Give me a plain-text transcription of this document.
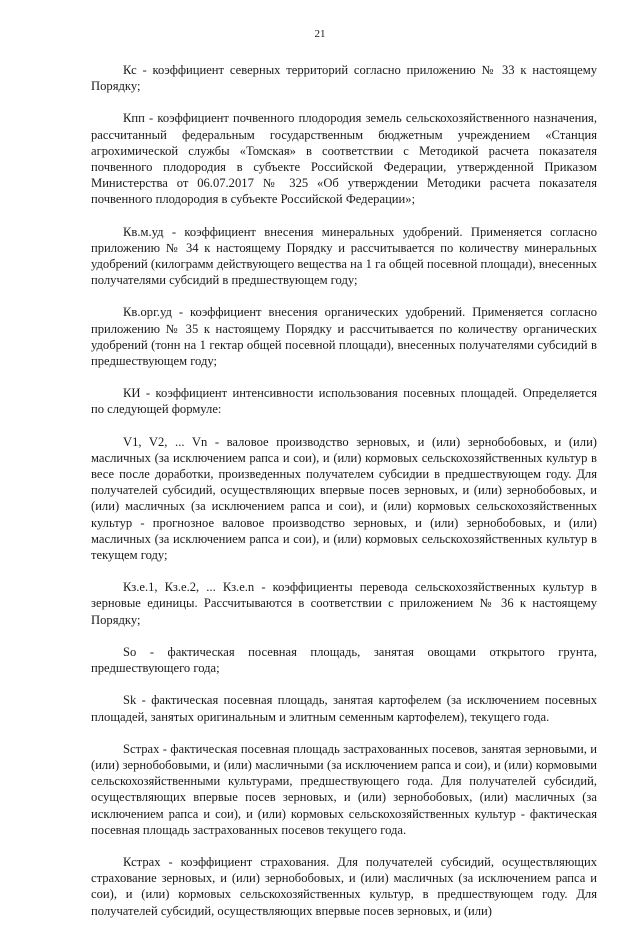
21

Кс - коэффициент северных территорий согласно приложению № 33 к настоящему Порядку;

Кпп - коэффициент почвенного плодородия земель сельскохозяйственного назначения, рассчитанный федеральным государственным бюджетным учреждением «Станция агрохимической службы «Томская» в соответствии с Методикой расчета показателя почвенного плодородия в субъекте Российской Федерации, утвержденной Приказом Министерства от 06.07.2017 № 325 «Об утверждении Методики расчета показателя почвенного плодородия в субъекте Российской Федерации»;

Кв.м.уд - коэффициент внесения минеральных удобрений. Применяется согласно приложению № 34 к настоящему Порядку и рассчитывается по количеству минеральных удобрений (килограмм действующего вещества на 1 га общей посевной площади), внесенных получателями субсидий в предшествующем году;

Кв.орг.уд - коэффициент внесения органических удобрений. Применяется согласно приложению № 35 к настоящему Порядку и рассчитывается по количеству органических удобрений (тонн на 1 гектар общей посевной площади), внесенных получателями субсидий в предшествующем году;

КИ - коэффициент интенсивности использования посевных площадей. Определяется по следующей формуле:

V1, V2, ... Vn - валовое производство зерновых, и (или) зернобобовых, и (или) масличных (за исключением рапса и сои), и (или) кормовых сельскохозяйственных культур в весе после доработки, произведенных получателем субсидии в предшествующем году. Для получателей субсидий, осуществляющих впервые посев зерновых, и (или) зернобобовых, и (или) масличных (за исключением рапса и сои), и (или) кормовых сельскохозяйственных культур - прогнозное валовое производство зерновых, и (или) зернобобовых, и (или) масличных (за исключением рапса и сои), и (или) кормовых сельскохозяйственных культур в текущем году;

Кз.е.1, Кз.е.2, ... Кз.е.n - коэффициенты перевода сельскохозяйственных культур в зерновые единицы. Рассчитываются в соответствии с приложением № 36 к настоящему Порядку;

So - фактическая посевная площадь, занятая овощами открытого грунта, предшествующего года;

Sk - фактическая посевная площадь, занятая картофелем (за исключением посевных площадей, занятых оригинальным и элитным семенным картофелем), текущего года.

Sстрах - фактическая посевная площадь застрахованных посевов, занятая зерновыми, и (или) зернобобовыми, и (или) масличными (за исключением рапса и сои), и (или) кормовыми сельскохозяйственными культурами, предшествующего года. Для получателей субсидий, осуществляющих впервые посев зерновых, и (или) зернобобовых, (или) масличных (за исключением рапса и сои), и (или) кормовых сельскохозяйственных культур - фактическая посевная площадь застрахованных посевов текущего года.

Кстрах - коэффициент страхования. Для получателей субсидий, осуществляющих страхование зерновых, и (или) зернобобовых, и (или) масличных (за исключением рапса и сои), и (или) кормовых сельскохозяйственных культур, в предшествующем году. Для получателей субсидий, осуществляющих впервые посев зерновых, и (или)
